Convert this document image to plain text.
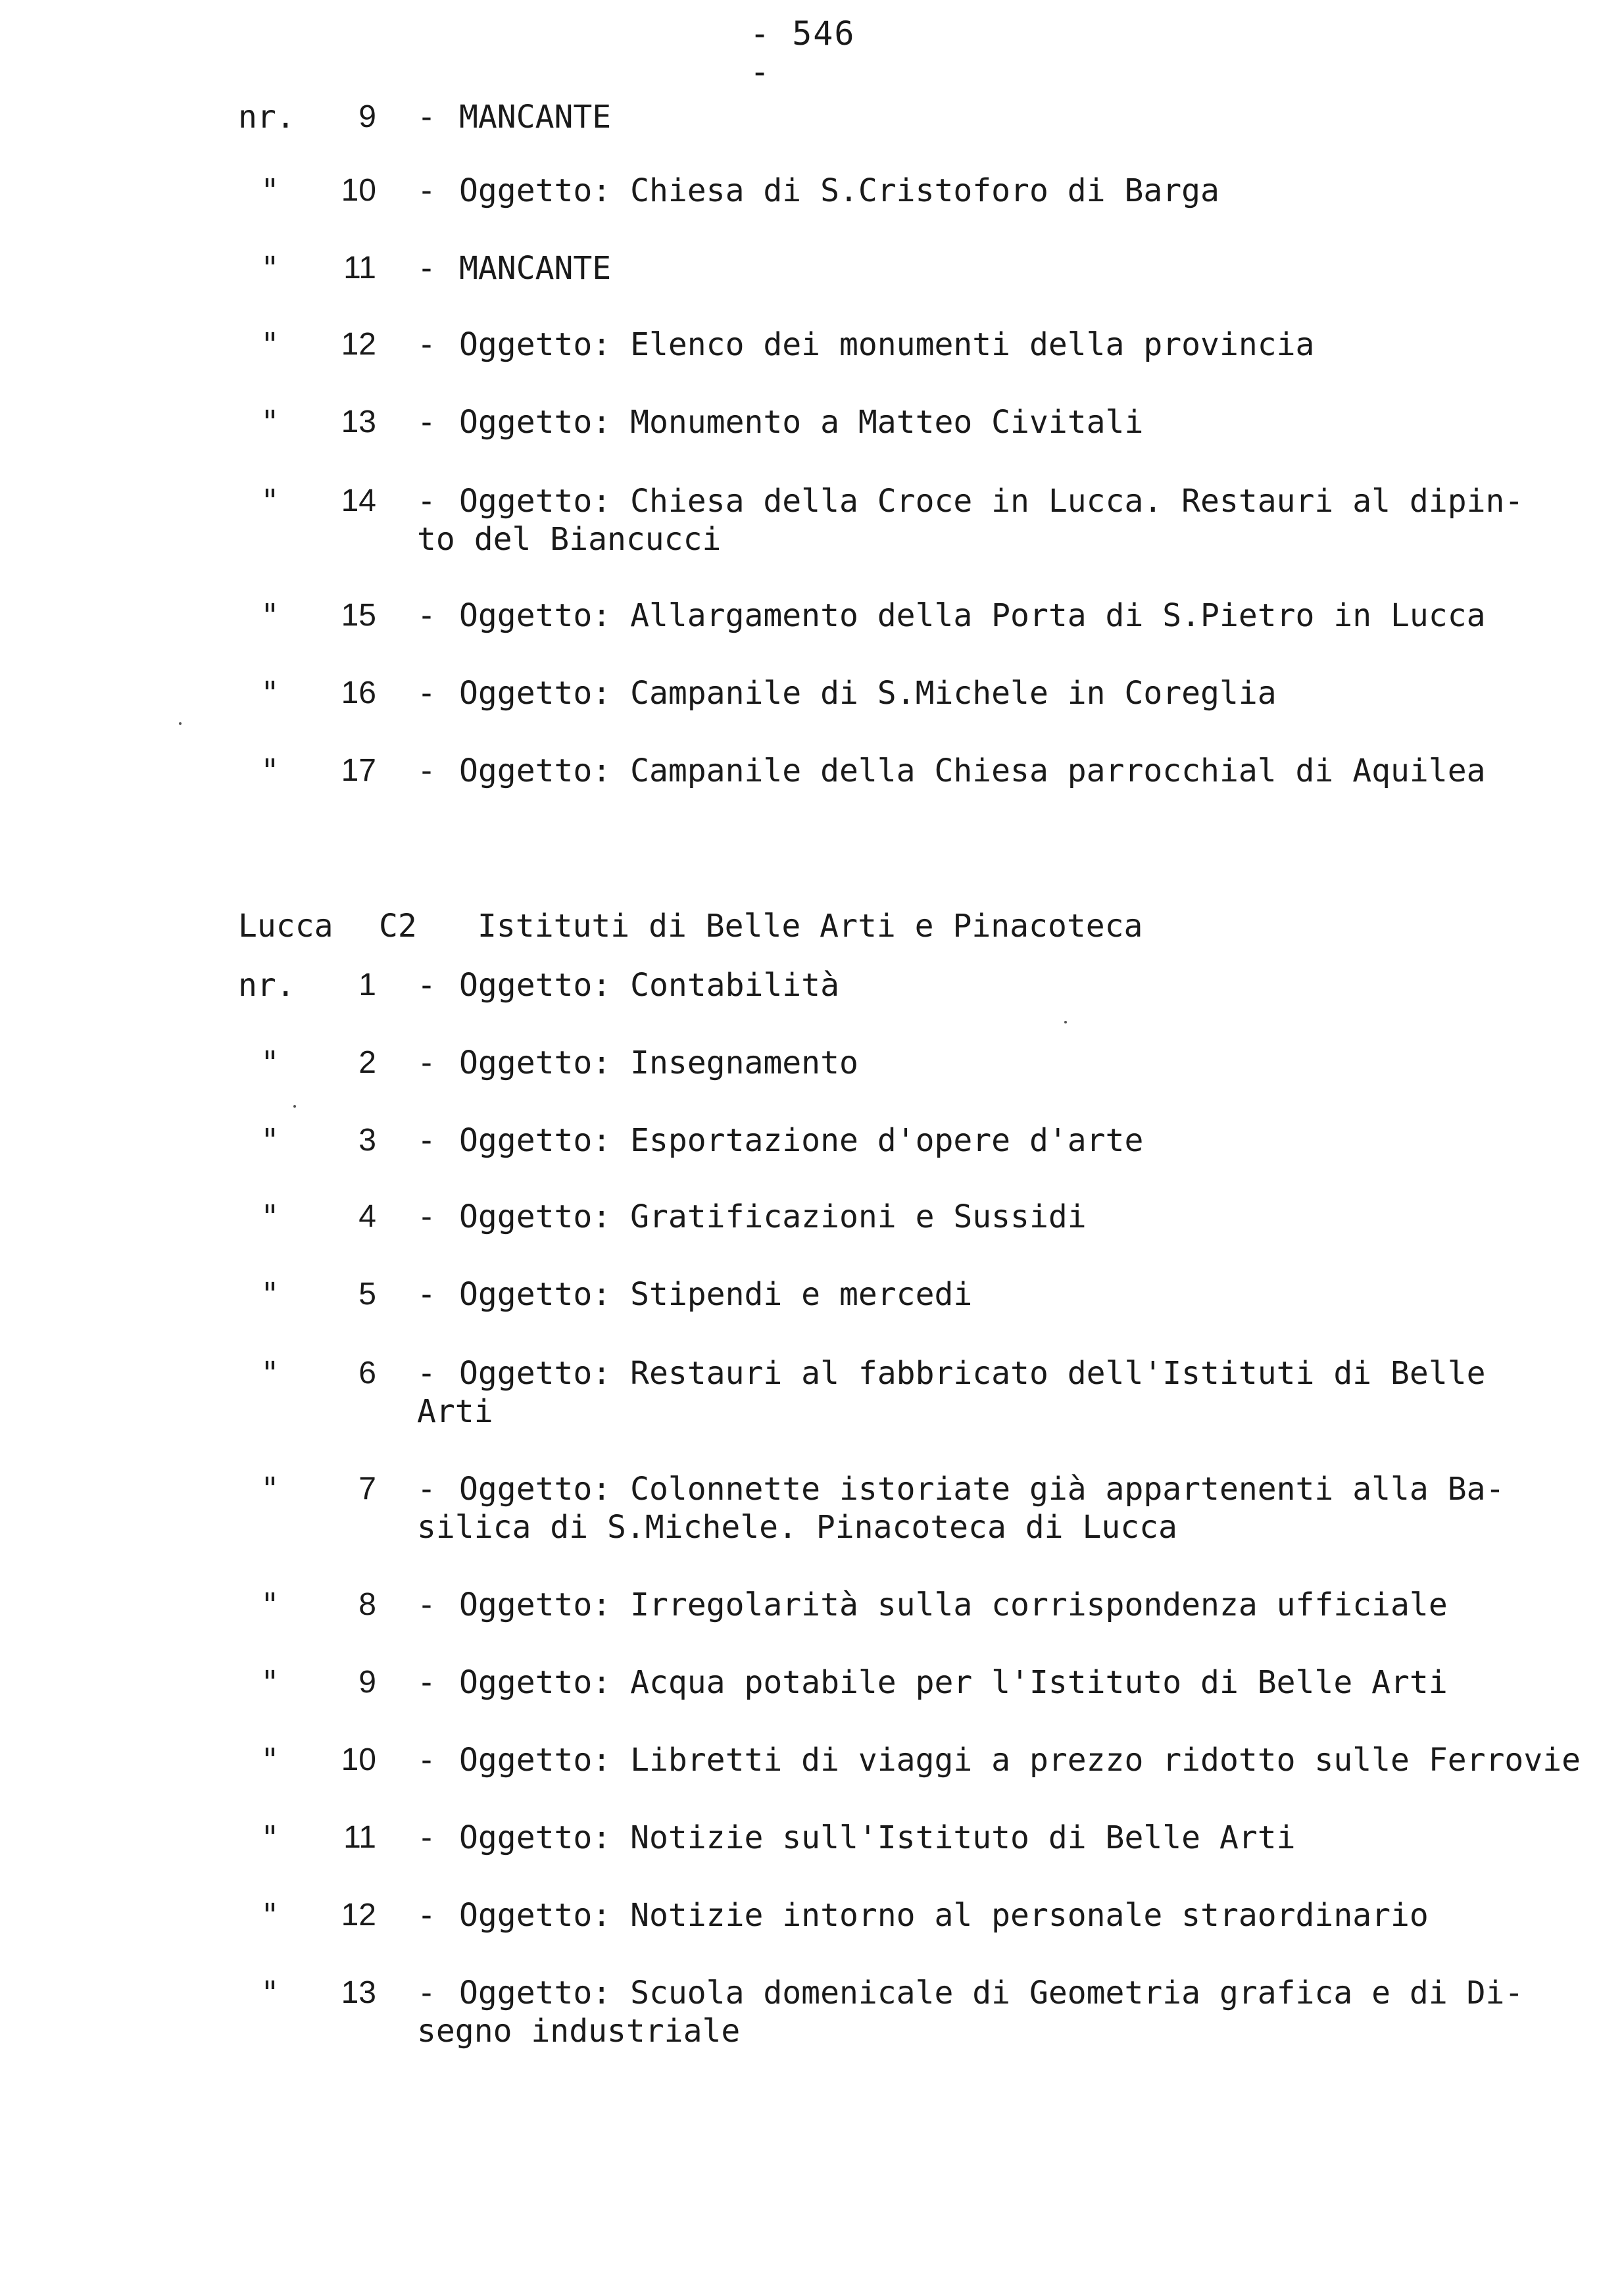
- 546 -
nr.	9 - MANCANTE
"	10 - Oggetto: Chiesa di S.Cristoforo di Barga
"	11 - MANCANTE
"	12 - Oggetto: Elenco dei monumenti della provincia
"	13 - Oggetto: Monumento a Matteo Civitali
"	14 - Oggetto: Chiesa della Croce in Lucca. Restauri al dipin-
to del Biancucci
"	15 - Oggetto: Allargamento della Porta di S.Pietro in Lucca
"	16 - Oggetto: Campanile di S.Michele in Coreglia
"	17 - Oggetto: Campanile della Chiesa parrocchial di Aquilea
Lucca C2 Istituti di Belle Arti e Pinacoteca
nr.	1 - Oggetto: Contabilità
"	2 - Oggetto: Insegnamento
"	3 - Oggetto: Esportazione d'opere d'arte
"	4 - Oggetto: Gratificazioni e Sussidi
"	5 - Oggetto: Stipendi e mercedi
"	6 - Oggetto: Restauri al fabbricato dell'Istituti di Belle
Arti
"	7 - Oggetto: Colonnette istoriate già appartenenti alla Ba-
silica di S.Michele. Pinacoteca di Lucca
"	8 - Oggetto: Irregolarità sulla corrispondenza ufficiale
"	9 - Oggetto: Acqua potabile per l'Istituto di Belle Arti
"	10 - Oggetto: Libretti di viaggi a prezzo ridotto sulle Ferrovie
"	11 - Oggetto: Notizie sull'Istituto di Belle Arti
"	12 - Oggetto: Notizie intorno al personale straordinario
"	13 - Oggetto: Scuola domenicale di Geometria grafica e di Di-
segno industriale
